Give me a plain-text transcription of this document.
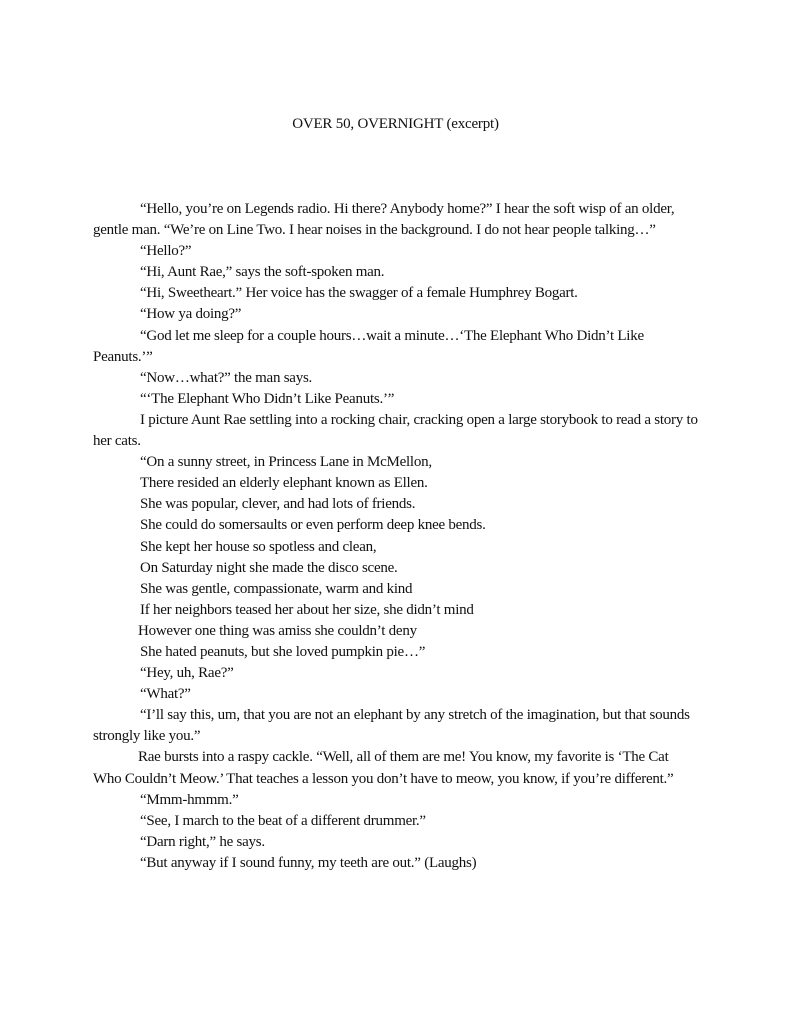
OVER 50, OVERNIGHT (excerpt)

“Hello, you’re on Legends radio. Hi there? Anybody home?” I hear the soft wisp of an older, gentle man. “We’re on Line Two. I hear noises in the background. I do not hear people talking…”

“Hello?”

“Hi, Aunt Rae,” says the soft-spoken man.

“Hi, Sweetheart.” Her voice has the swagger of a female Humphrey Bogart.

“How ya doing?”

“God let me sleep for a couple hours…wait a minute…‘The Elephant Who Didn’t Like Peanuts.’”

“Now…what?” the man says.

“‘The Elephant Who Didn’t Like Peanuts.’”

I picture Aunt Rae settling into a rocking chair, cracking open a large storybook to read a story to her cats.

“On a sunny street, in Princess Lane in McMellon,

There resided an elderly elephant known as Ellen.

She was popular, clever, and had lots of friends.

She could do somersaults or even perform deep knee bends.

She kept her house so spotless and clean,

On Saturday night she made the disco scene.

She was gentle, compassionate, warm and kind

If her neighbors teased her about her size, she didn’t mind

However one thing was amiss she couldn’t deny

She hated peanuts, but she loved pumpkin pie…”

“Hey, uh, Rae?”

“What?”

“I’ll say this, um, that you are not an elephant by any stretch of the imagination, but that sounds strongly like you.”

Rae bursts into a raspy cackle. “Well, all of them are me! You know, my favorite is ‘The Cat Who Couldn’t Meow.’ That teaches a lesson you don’t have to meow, you know, if you’re different.”

“Mmm-hmmm.”

“See, I march to the beat of a different drummer.”

“Darn right,” he says.

“But anyway if I sound funny, my teeth are out.” (Laughs)
